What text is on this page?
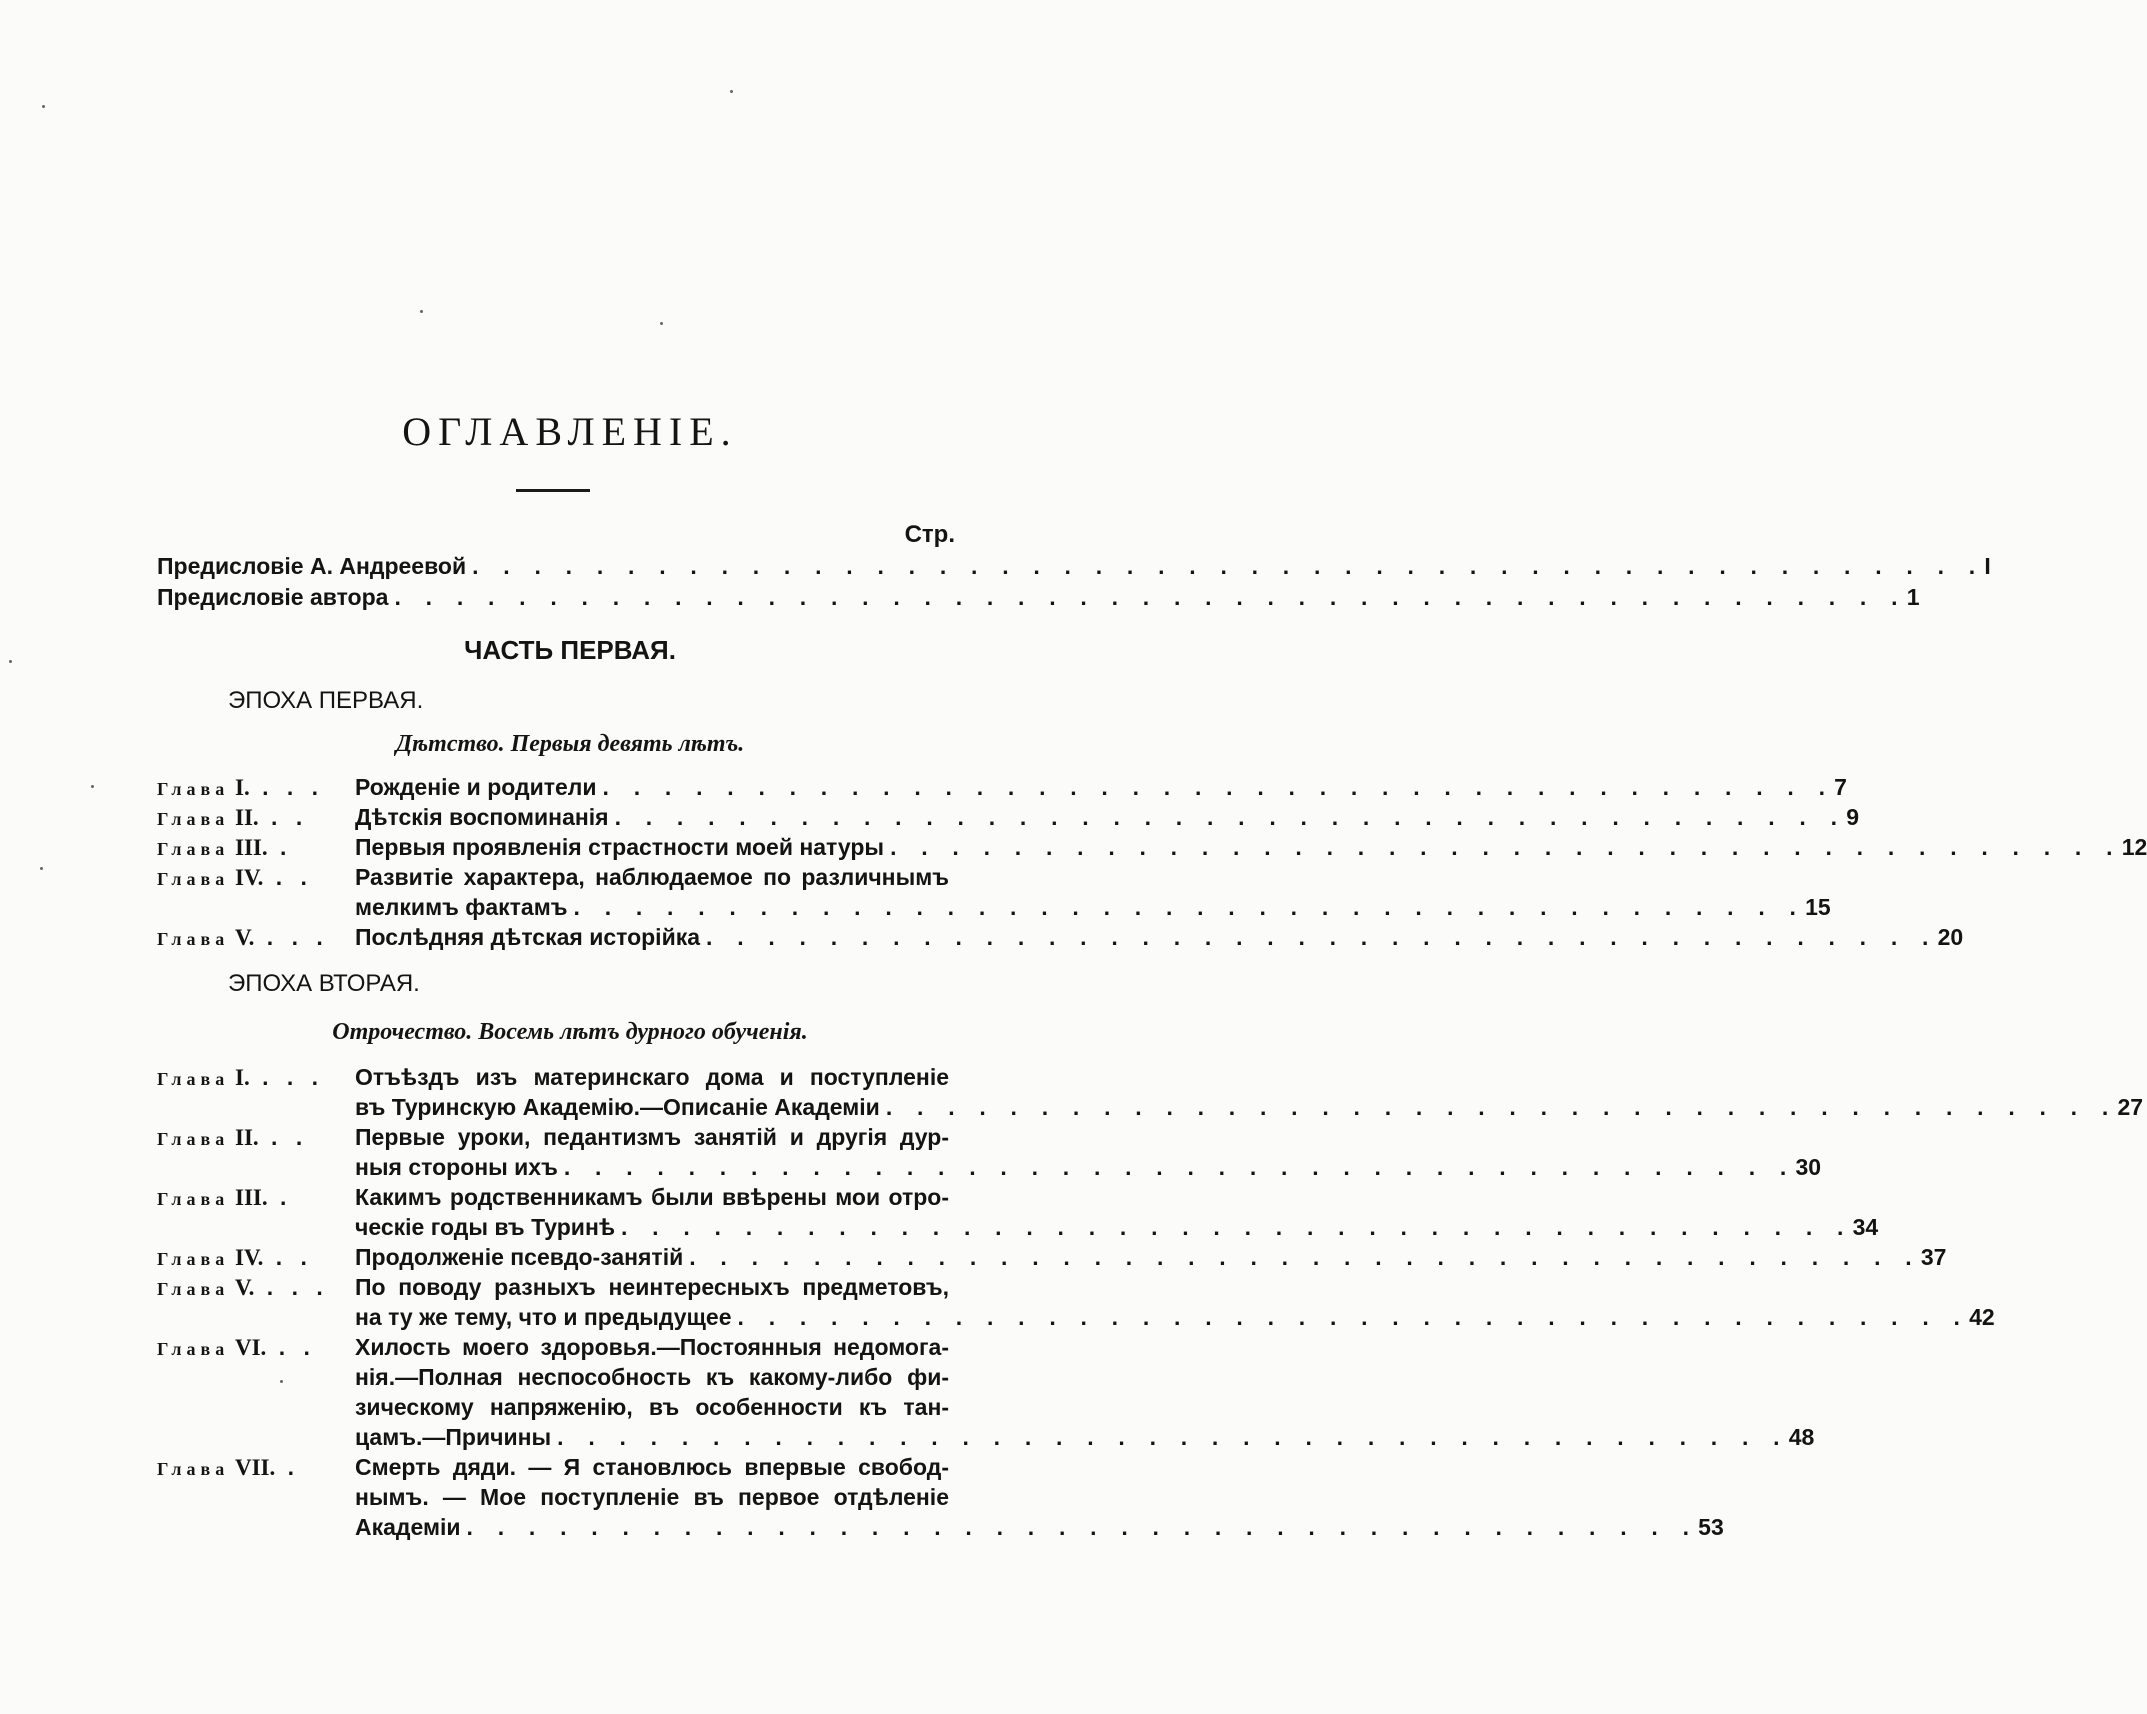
ОГЛАВЛЕНІЕ.
Стр.
Предисловіе А. Андреевой . . . . . . . . . . . . . . . . . . . . . . . . . . . . . . . . . . . . . . . . . . . . . . . . . I
Предисловіе автора . . . . . . . . . . . . . . . . . . . . . . . . . . . . . . . . . . . . . . . . . . . . . . . . . 1
ЧАСТЬ ПЕРВАЯ.
ЭПОХА ПЕРВАЯ.
Дѣтство. Первыя девять лѣтъ.
Глава I. . . . Рожденіе и родители . . . . . . . . . . . . . . . . . . . . . . . . . . . . . . . . . . . . . . . . 7
Глава II. . . Дѣтскія воспоминанія . . . . . . . . . . . . . . . . . . . . . . . . . . . . . . . . . . . . . . . . 9
Глава III. .	Первыя проявленія страстности моей натуры . . . . . . . . . . . . . . . . . . . . . . . . . . . . . . . . . . . . . . . . 12
Глава IV. . . Развитіе характера, наблюдаемое по различнымъ
мелкимъ фактамъ . . . . . . . . . . . . . . . . . . . . . . . . . . . . . . . . . . . . . . . . 15
Глава V. . . . Послѣдняя дѣтская исторійка . . . . . . . . . . . . . . . . . . . . . . . . . . . . . . . . . . . . . . . . 20
ЭПОХА ВТОРАЯ.
Отрочество. Восемь лѣтъ дурного обученія.
Глава I. . . . Отъѣздъ изъ материнскаго дома и поступленіе
въ Туринскую Академію.—Описаніе Академіи . . . . . . . . . . . . . . . . . . . . . . . . . . . . . . . . . . . . . . . . 27
Глава II. . . Первые уроки, педантизмъ занятій и другія дур-
ныя стороны ихъ . . . . . . . . . . . . . . . . . . . . . . . . . . . . . . . . . . . . . . . . 30
Глава III. .	Какимъ родственникамъ были ввѣрены мои отро-
ческіе годы въ Туринѣ . . . . . . . . . . . . . . . . . . . . . . . . . . . . . . . . . . . . . . . . 34
Глава IV. . . Продолженіе псевдо-занятій . . . . . . . . . . . . . . . . . . . . . . . . . . . . . . . . . . . . . . . . 37
Глава V. . . . По поводу разныхъ неинтересныхъ предметовъ,
на ту же тему, что и предыдущее . . . . . . . . . . . . . . . . . . . . . . . . . . . . . . . . . . . . . . . . 42
Глава VI. . . Хилость моего здоровья.—Постоянныя недомога-
нія.—Полная неспособность къ какому-либо фи-
зическому напряженію, въ особенности къ тан-
цамъ.—Причины . . . . . . . . . . . . . . . . . . . . . . . . . . . . . . . . . . . . . . . . 48
Глава VII. . Смерть дяди. — Я становлюсь впервые свобод-
нымъ. — Мое поступленіе въ первое отдѣленіе
Академіи . . . . . . . . . . . . . . . . . . . . . . . . . . . . . . . . . . . . . . . . 53
